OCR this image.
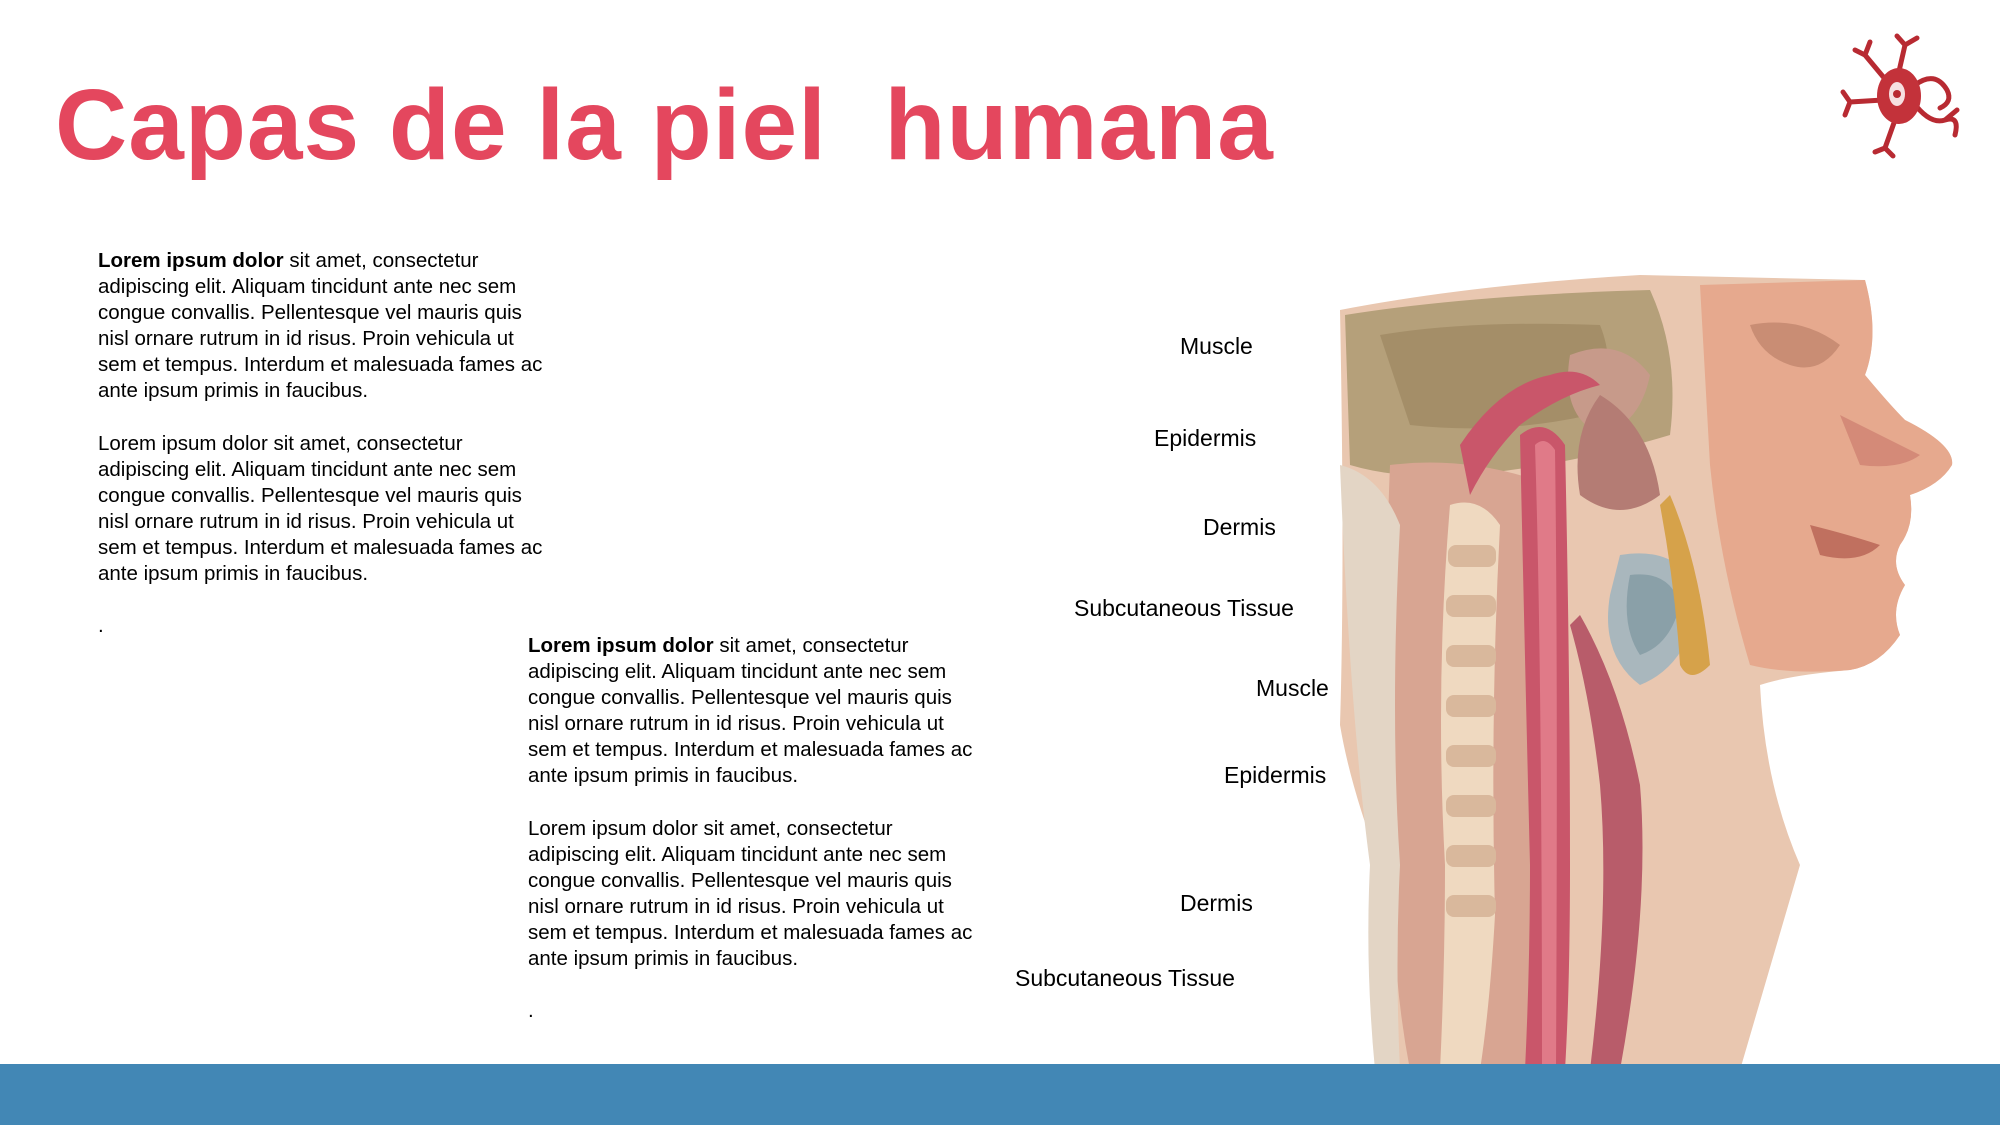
Capas de la piel  humana

Lorem ipsum dolor sit amet, consectetur adipiscing elit. Aliquam tincidunt ante nec sem congue convallis. Pellentesque vel mauris quis nisl ornare rutrum in id risus. Proin vehicula ut sem et tempus. Interdum et malesuada fames ac ante ipsum primis in faucibus.

Lorem ipsum dolor sit amet, consectetur adipiscing elit. Aliquam tincidunt ante nec sem congue convallis. Pellentesque vel mauris quis nisl ornare rutrum in id risus. Proin vehicula ut sem et tempus. Interdum et malesuada fames ac ante ipsum primis in faucibus.

.

Lorem ipsum dolor sit amet, consectetur adipiscing elit. Aliquam tincidunt ante nec sem congue convallis. Pellentesque vel mauris quis nisl ornare rutrum in id risus. Proin vehicula ut sem et tempus. Interdum et malesuada fames ac ante ipsum primis in faucibus.

Lorem ipsum dolor sit amet, consectetur adipiscing elit. Aliquam tincidunt ante nec sem congue convallis. Pellentesque vel mauris quis nisl ornare rutrum in id risus. Proin vehicula ut sem et tempus. Interdum et malesuada fames ac ante ipsum primis in faucibus.

.

Muscle
Epidermis
Dermis
Subcutaneous Tissue
Muscle
Epidermis
Dermis
Subcutaneous Tissue
